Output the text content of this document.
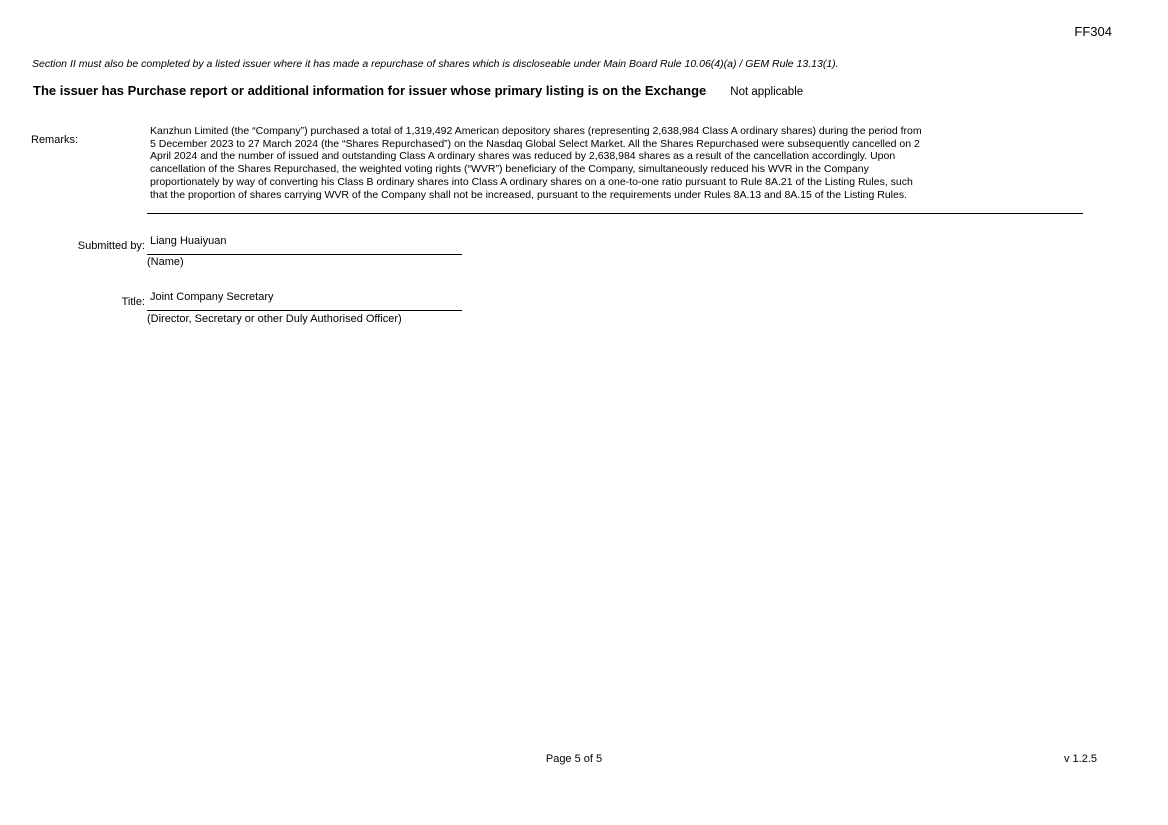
FF304
Section II must also be completed by a listed issuer where it has made a repurchase of shares which is discloseable under Main Board Rule 10.06(4)(a) / GEM Rule 13.13(1).
The issuer has Purchase report or additional information for issuer whose primary listing is on the Exchange Not applicable
Remarks:
Kanzhun Limited (the “Company”) purchased a total of 1,319,492 American depository shares (representing 2,638,984 Class A ordinary shares) during the period from
5 December 2023 to 27 March 2024 (the “Shares Repurchased”) on the Nasdaq Global Select Market. All the Shares Repurchased were subsequently cancelled on 2
April 2024 and the number of issued and outstanding Class A ordinary shares was reduced by 2,638,984 shares as a result of the cancellation accordingly. Upon
cancellation of the Shares Repurchased, the weighted voting rights (“WVR”) beneficiary of the Company, simultaneously reduced his WVR in the Company
proportionately by way of converting his Class B ordinary shares into Class A ordinary shares on a one-to-one ratio pursuant to Rule 8A.21 of the Listing Rules, such
that the proportion of shares carrying WVR of the Company shall not be increased, pursuant to the requirements under Rules 8A.13 and 8A.15 of the Listing Rules.
Submitted by: Liang Huaiyuan
(Name)
Title: Joint Company Secretary
(Director, Secretary or other Duly Authorised Officer)
Page 5 of 5	v 1.2.5
